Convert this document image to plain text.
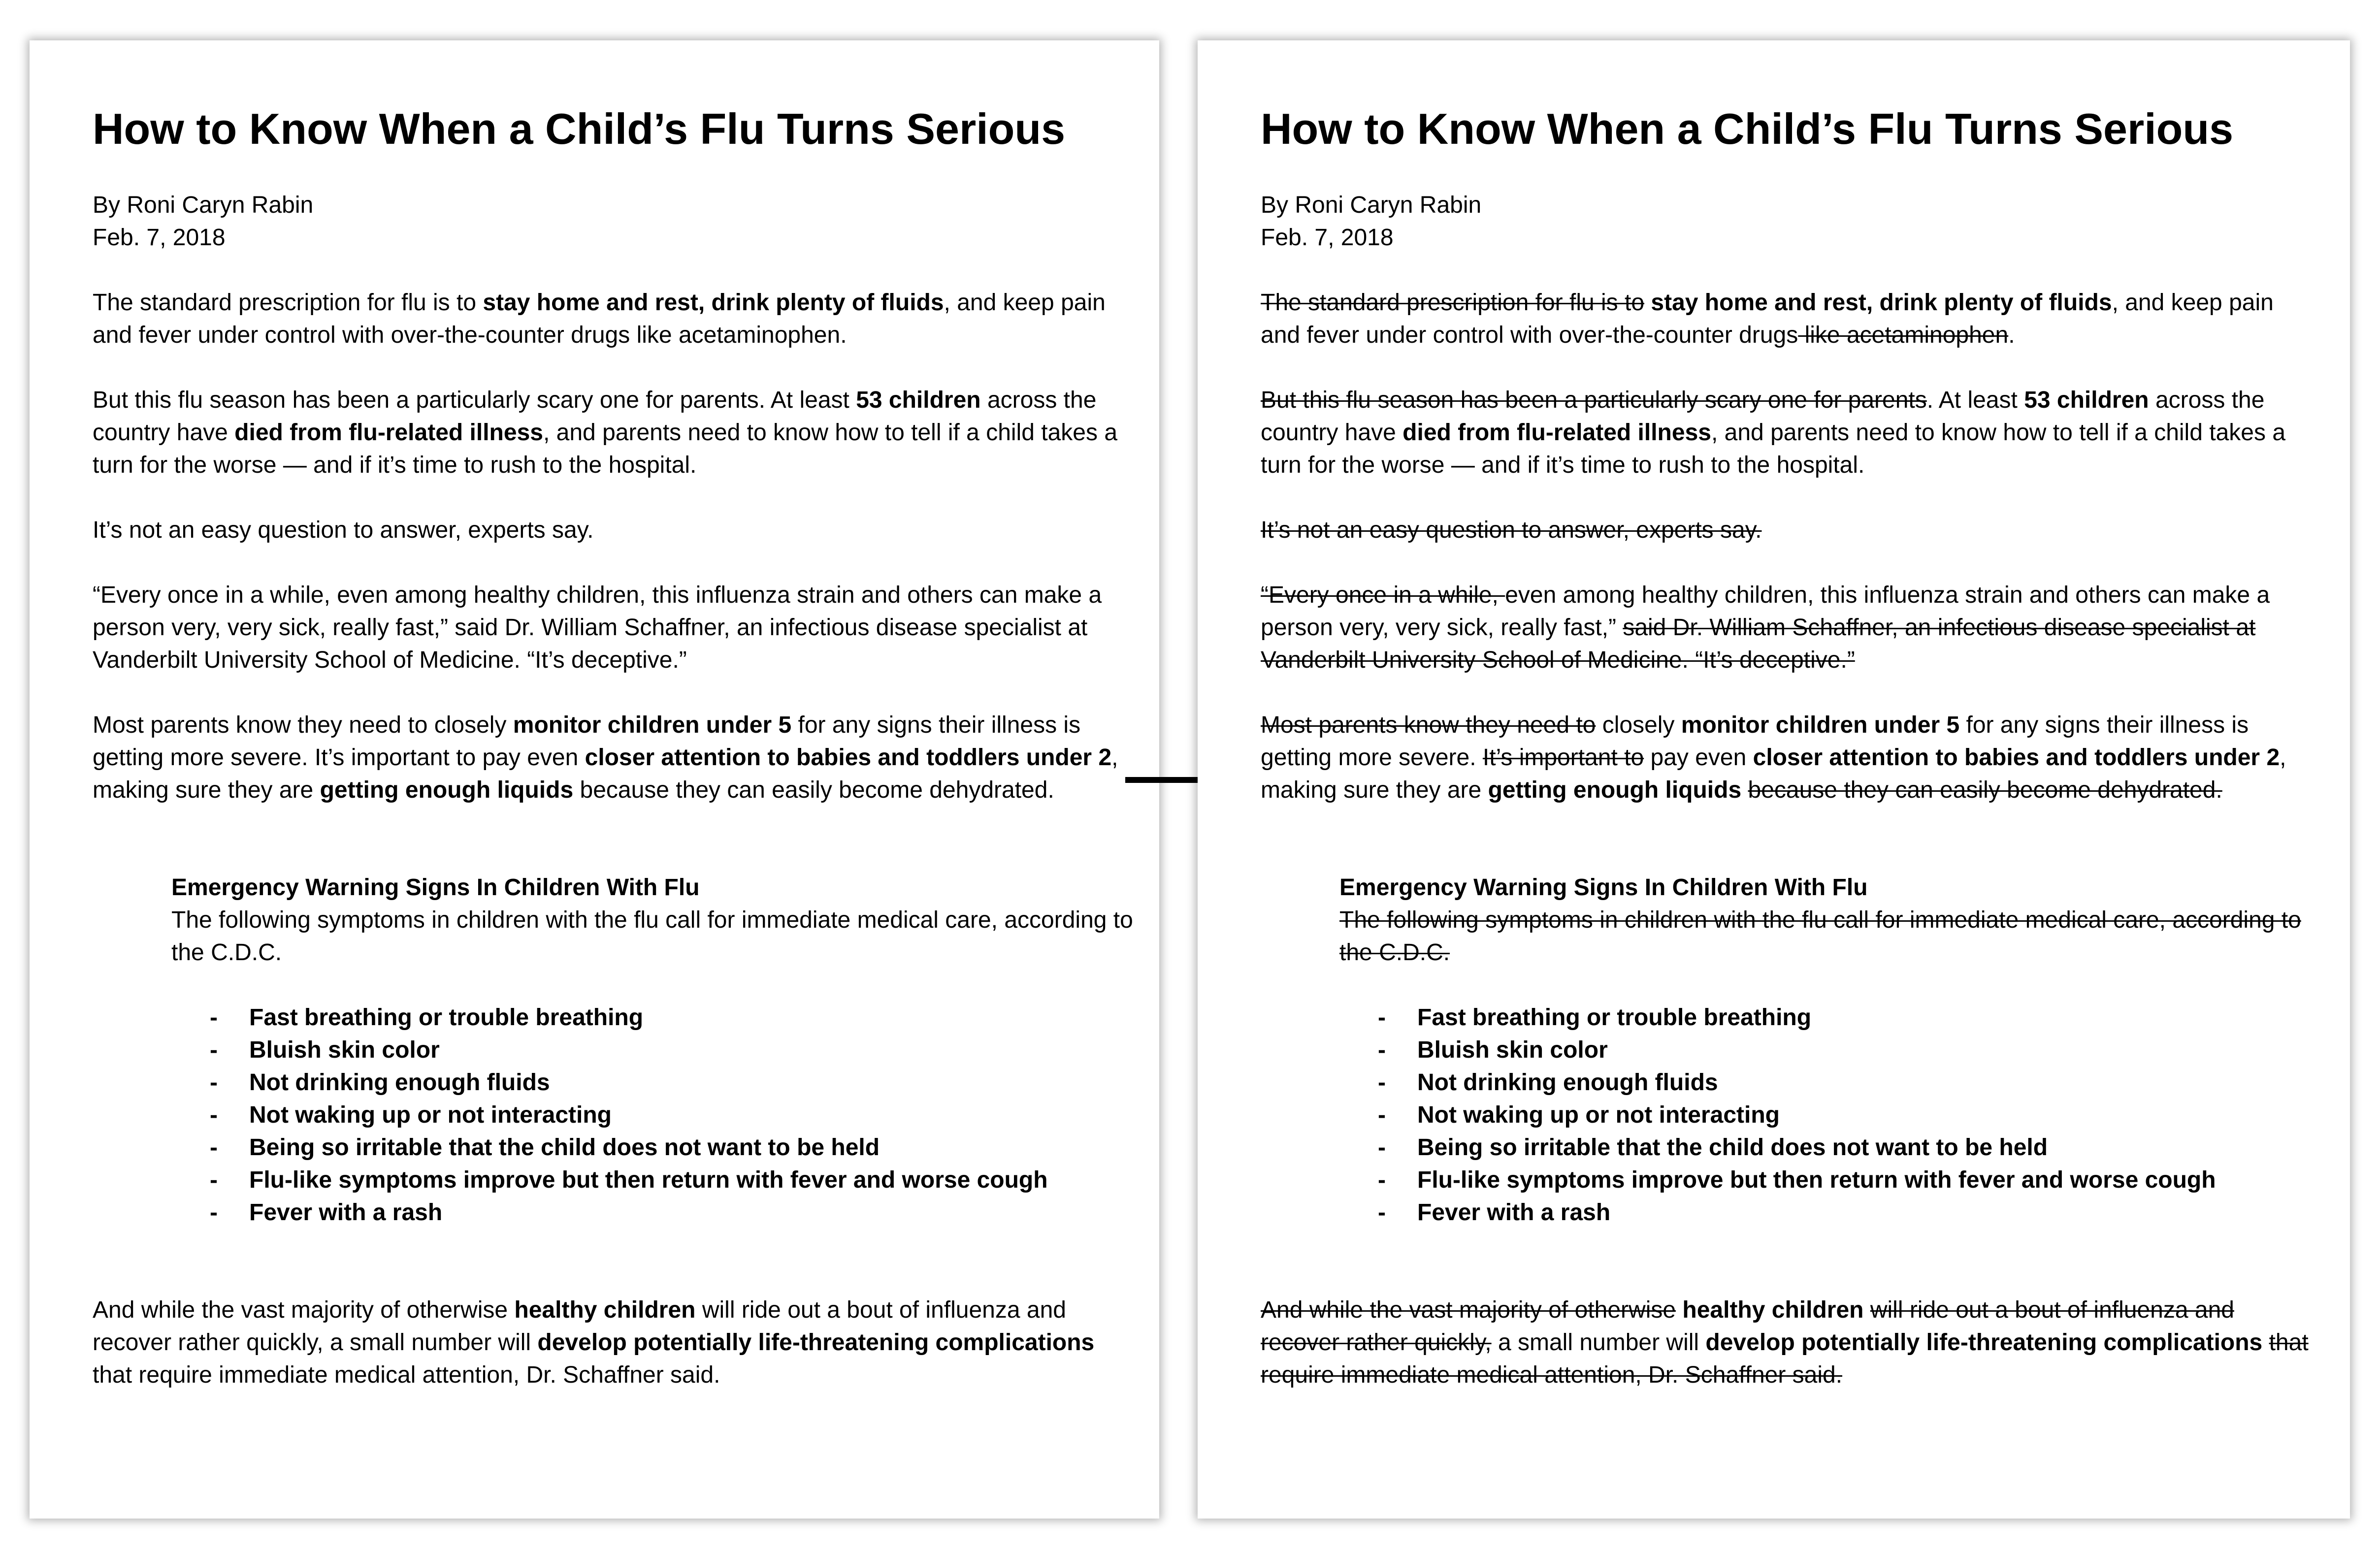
How to Know When a Child’s Flu Turns Serious
By Roni Caryn Rabin
Feb. 7, 2018

The standard prescription for flu is to stay home and rest, drink plenty of fluids, and keep pain and fever under control with over-the-counter drugs like acetaminophen.

But this flu season has been a particularly scary one for parents. At least 53 children across the country have died from flu-related illness, and parents need to know how to tell if a child takes a turn for the worse — and if it’s time to rush to the hospital.

It’s not an easy question to answer, experts say.

“Every once in a while, even among healthy children, this influenza strain and others can make a person very, very sick, really fast,” said Dr. William Schaffner, an infectious disease specialist at Vanderbilt University School of Medicine. “It’s deceptive.”

Most parents know they need to closely monitor children under 5 for any signs their illness is getting more severe. It’s important to pay even closer attention to babies and toddlers under 2, making sure they are getting enough liquids because they can easily become dehydrated.

Emergency Warning Signs In Children With Flu
The following symptoms in children with the flu call for immediate medical care, according to the C.D.C.
- Fast breathing or trouble breathing
- Bluish skin color
- Not drinking enough fluids
- Not waking up or not interacting
- Being so irritable that the child does not want to be held
- Flu-like symptoms improve but then return with fever and worse cough
- Fever with a rash

And while the vast majority of otherwise healthy children will ride out a bout of influenza and recover rather quickly, a small number will develop potentially life-threatening complications that require immediate medical attention, Dr. Schaffner said.

How to Know When a Child’s Flu Turns Serious
By Roni Caryn Rabin
Feb. 7, 2018

The standard prescription for flu is to stay home and rest, drink plenty of fluids, and keep pain and fever under control with over-the-counter drugs like acetaminophen.

But this flu season has been a particularly scary one for parents. At least 53 children across the country have died from flu-related illness, and parents need to know how to tell if a child takes a turn for the worse — and if it’s time to rush to the hospital.

It’s not an easy question to answer, experts say.

“Every once in a while, even among healthy children, this influenza strain and others can make a person very, very sick, really fast,” said Dr. William Schaffner, an infectious disease specialist at Vanderbilt University School of Medicine. “It’s deceptive.”

Most parents know they need to closely monitor children under 5 for any signs their illness is getting more severe. It’s important to pay even closer attention to babies and toddlers under 2, making sure they are getting enough liquids because they can easily become dehydrated.

Emergency Warning Signs In Children With Flu
The following symptoms in children with the flu call for immediate medical care, according to the C.D.C.
- Fast breathing or trouble breathing
- Bluish skin color
- Not drinking enough fluids
- Not waking up or not interacting
- Being so irritable that the child does not want to be held
- Flu-like symptoms improve but then return with fever and worse cough
- Fever with a rash

And while the vast majority of otherwise healthy children will ride out a bout of influenza and recover rather quickly, a small number will develop potentially life-threatening complications that require immediate medical attention, Dr. Schaffner said.
